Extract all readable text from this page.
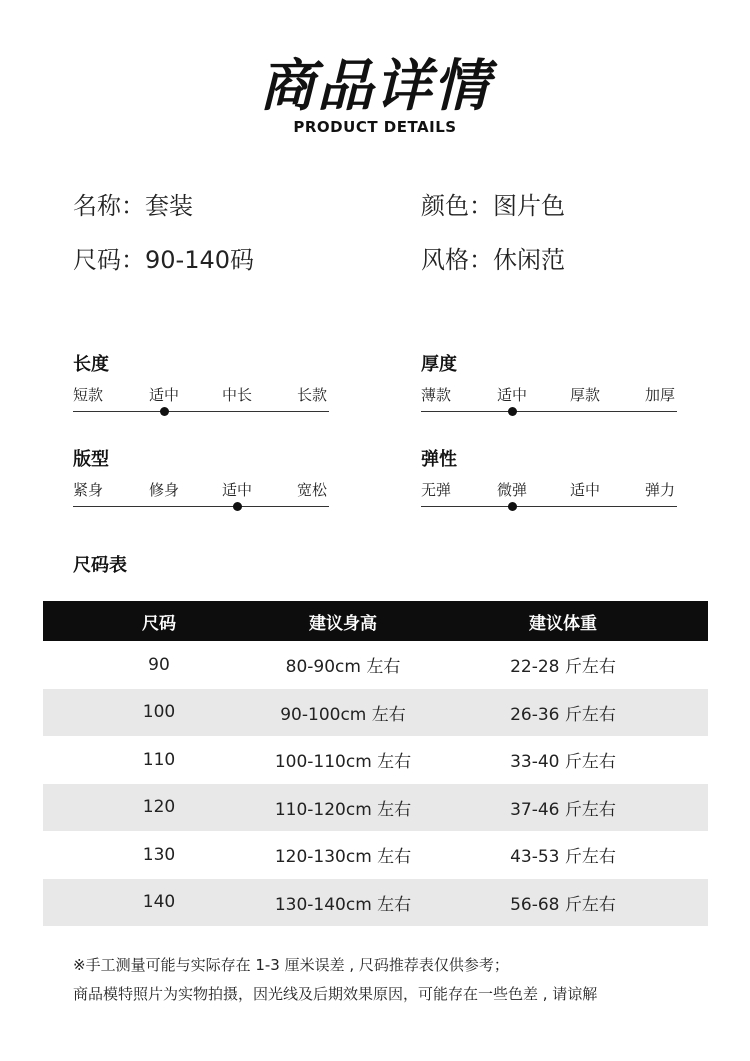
商品详情
PRODUCT DETAILS
名称：套装	颜色：图片色
尺码：90-140码	风格：休闲范
长度
短款	适中	中长	长款
厚度
薄款	适中	厚款	加厚
版型
紧身	修身	适中	宽松
弹性
无弹	微弹	适中	弹力
尺码表
尺码	建议身高	建议体重
90	80-90cm 左右	22-28 斤左右
100	90-100cm 左右	26-36 斤左右
110	100-110cm 左右	33-40 斤左右
120	110-120cm 左右	37-46 斤左右
130	120-130cm 左右	43-53 斤左右
140	130-140cm 左右	56-68 斤左右
※手工测量可能与实际存在 1-3 厘米误差 , 尺码推荐表仅供参考；
商品模特照片为实物拍摄，因光线及后期效果原因，可能存在一些色差 , 请谅解
